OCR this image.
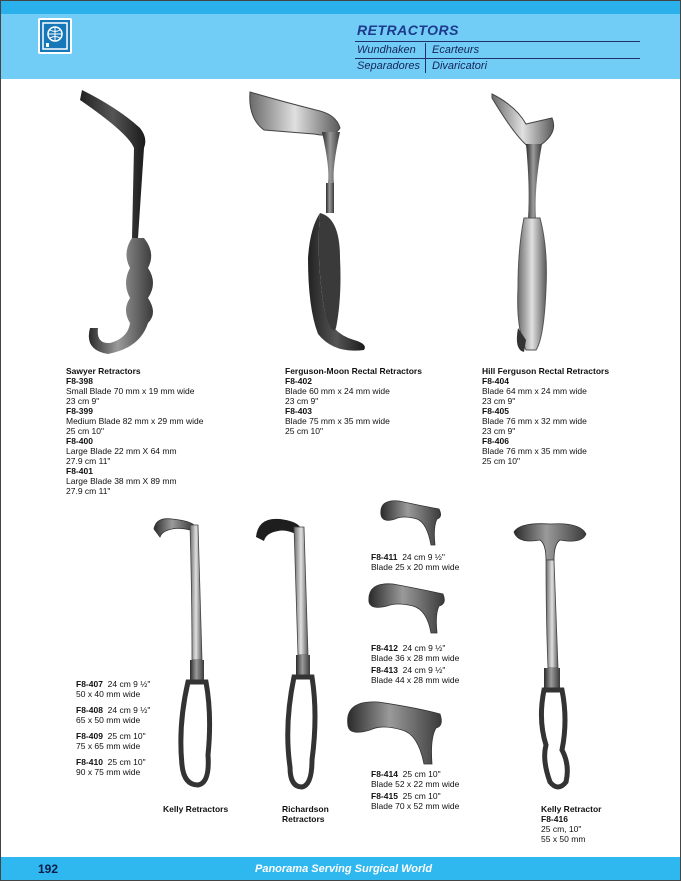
RETRACTORS
Wundhaken Ecarteurs
Separadores Divaricatori
Sawyer Retractors
F8-398
Small Blade 70 mm x 19 mm wide
23 cm 9"
F8-399
Medium Blade 82 mm x 29 mm wide
25 cm 10"
F8-400
Large Blade 22 mm X 64 mm
27.9 cm 11"
F8-401
Large Blade 38 mm X 89 mm
27.9 cm 11"
Ferguson-Moon Rectal Retractors
F8-402
Blade 60 mm x 24 mm wide
23 cm 9"
F8-403
Blade 75 mm x 35 mm wide
25 cm 10"
Hill Ferguson Rectal Retractors
F8-404
Blade 64 mm x 24 mm wide
23 cm 9"
F8-405
Blade 76 mm x 32 mm wide
23 cm 9"
F8-406
Blade 76 mm x 35 mm wide
25 cm 10"
F8-407 24 cm 9 ½"
50 x 40 mm wide
F8-408 24 cm 9 ½"
65 x 50 mm wide
F8-409 25 cm 10"
75 x 65 mm wide
F8-410 25 cm 10"
90 x 75 mm wide
Kelly Retractors	Richardson
Retractors
F8-411 24 cm 9 ½"
Blade 25 x 20 mm wide
F8-412 24 cm 9 ½"
Blade 36 x 28 mm wide
F8-413 24 cm 9 ½"
Blade 44 x 28 mm wide
F8-414 25 cm 10"
Blade 52 x 22 mm wide
F8-415 25 cm 10"
Blade 70 x 52 mm wide	Kelly Retractor
F8-416
25 cm, 10"
55 x 50 mm
192	Panorama Serving Surgical World
